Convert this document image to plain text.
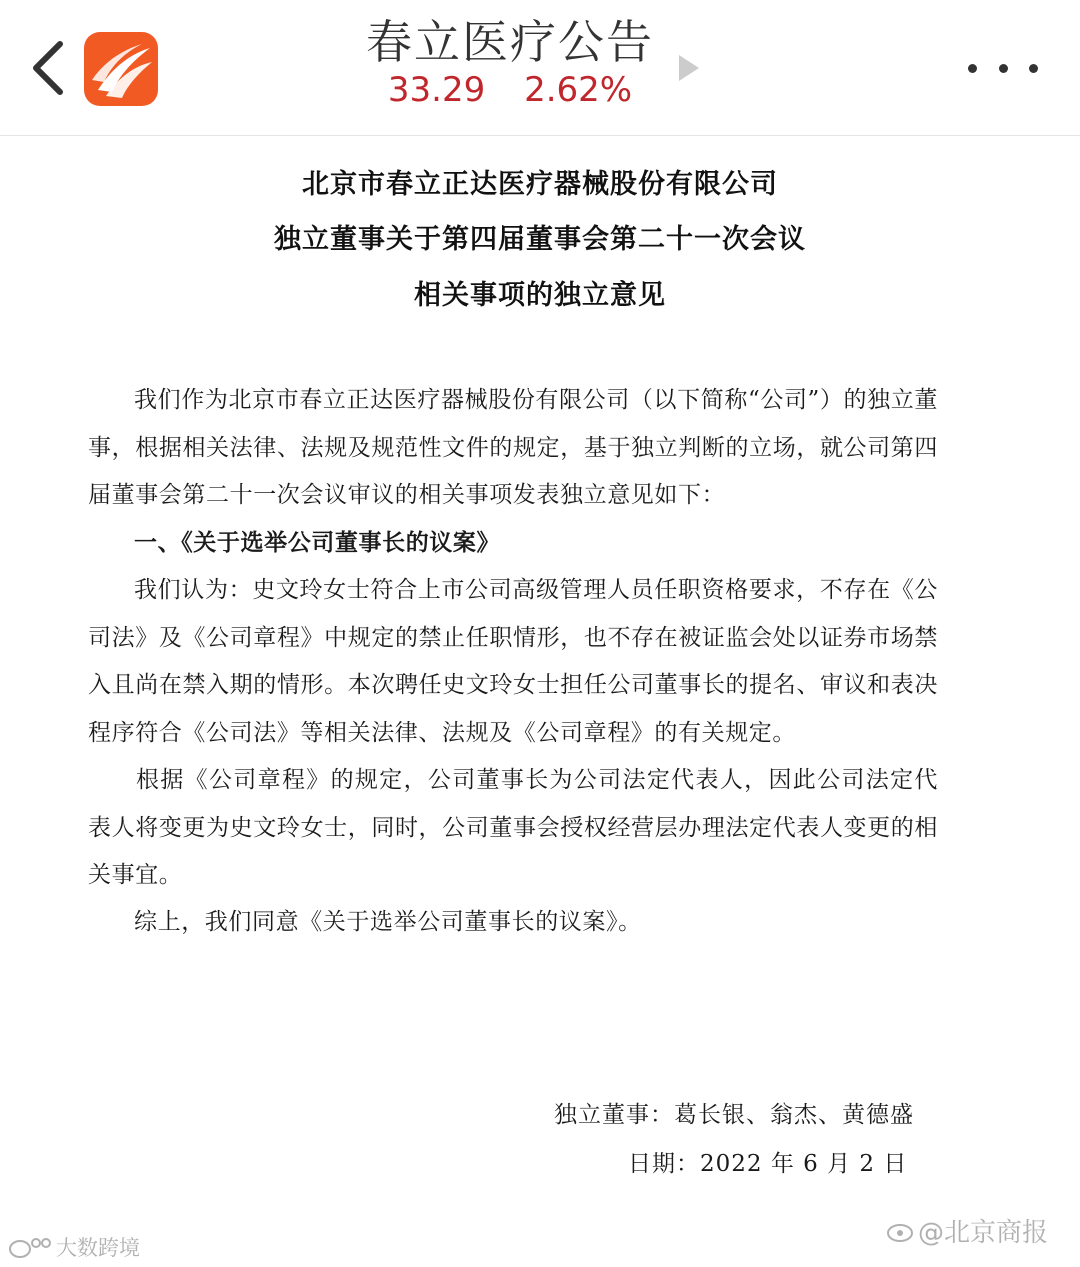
春立医疗公告
33.29 2.62%
北京市春立正达医疗器械股份有限公司
独立董事关于第四届董事会第二十一次会议
相关事项的独立意见
我们作为北京市春立正达医疗器械股份有限公司（以下简称“公司”）的独立董事，根据相关法律、法规及规范性文件的规定，基于独立判断的立场，就公司第四届董事会第二十一次会议审议的相关事项发表独立意见如下：
一、《关于选举公司董事长的议案》
我们认为：史文玲女士符合上市公司高级管理人员任职资格要求，不存在《公司法》及《公司章程》中规定的禁止任职情形，也不存在被证监会处以证券市场禁入且尚在禁入期的情形。本次聘任史文玲女士担任公司董事长的提名、审议和表决程序符合《公司法》等相关法律、法规及《公司章程》的有关规定。
根据《公司章程》的规定，公司董事长为公司法定代表人，因此公司法定代表人将变更为史文玲女士，同时，公司董事会授权经营层办理法定代表人变更的相关事宜。
综上，我们同意《关于选举公司董事长的议案》。
独立董事：葛长银、翁杰、黄德盛
日期：2022 年 6 月 2 日
大数跨境	@北京商报
